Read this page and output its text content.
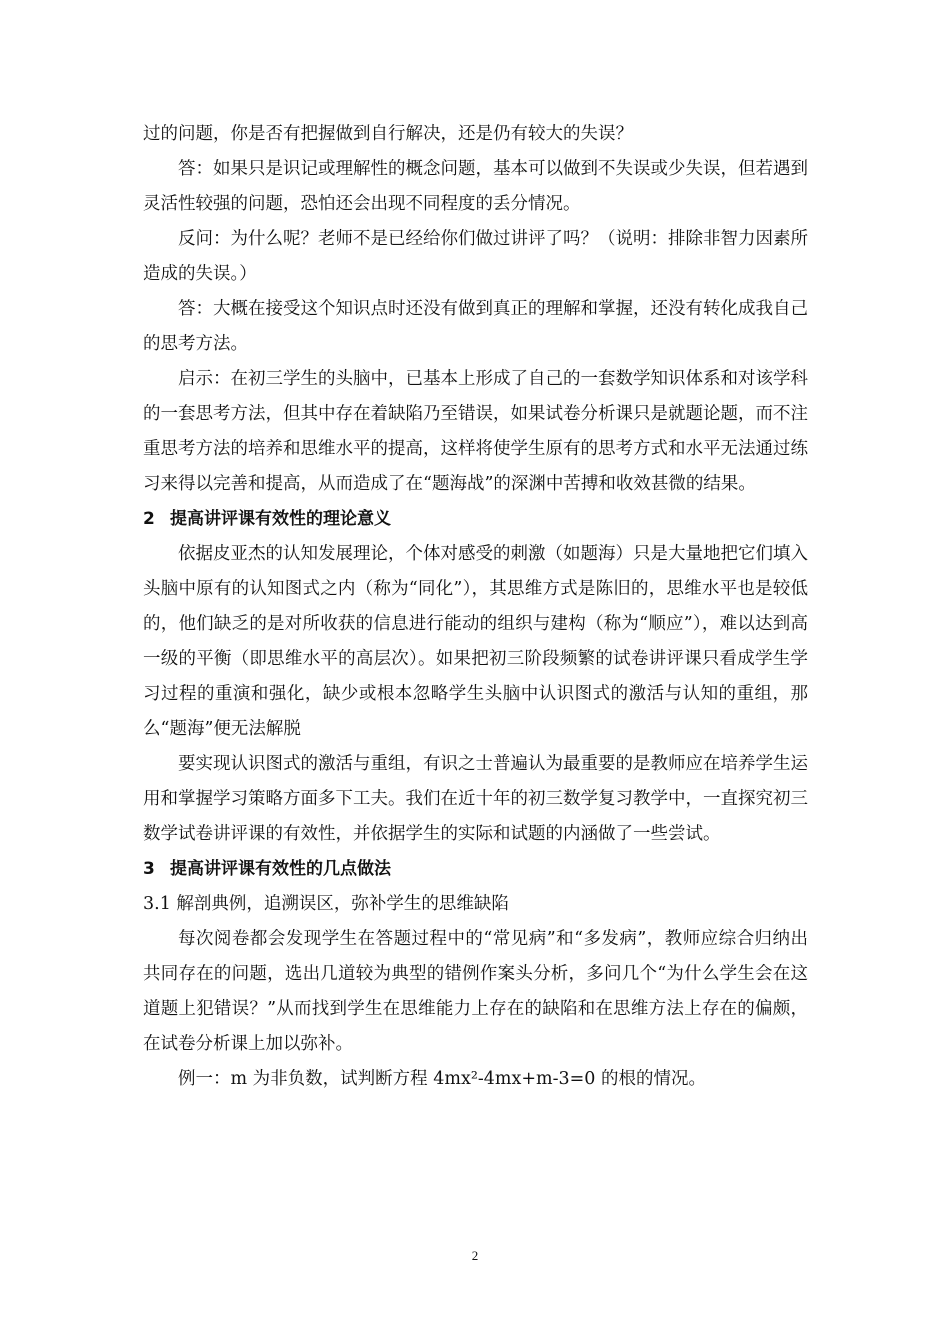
过的问题，你是否有把握做到自行解决，还是仍有较大的失误？

答：如果只是识记或理解性的概念问题，基本可以做到不失误或少失误，但若遇到灵活性较强的问题，恐怕还会出现不同程度的丢分情况。

反问：为什么呢？老师不是已经给你们做过讲评了吗？（说明：排除非智力因素所造成的失误。）

答：大概在接受这个知识点时还没有做到真正的理解和掌握，还没有转化成我自己的思考方法。

启示：在初三学生的头脑中，已基本上形成了自己的一套数学知识体系和对该学科的一套思考方法，但其中存在着缺陷乃至错误，如果试卷分析课只是就题论题，而不注重思考方法的培养和思维水平的提高，这样将使学生原有的思考方式和水平无法通过练习来得以完善和提高，从而造成了在“题海战”的深渊中苦搏和收效甚微的结果。

2 提高讲评课有效性的理论意义

依据皮亚杰的认知发展理论，个体对感受的刺激（如题海）只是大量地把它们填入头脑中原有的认知图式之内（称为“同化”），其思维方式是陈旧的，思维水平也是较低的，他们缺乏的是对所收获的信息进行能动的组织与建构（称为“顺应”），难以达到高一级的平衡（即思维水平的高层次）。如果把初三阶段频繁的试卷讲评课只看成学生学习过程的重演和强化，缺少或根本忽略学生头脑中认识图式的激活与认知的重组，那么“题海”便无法解脱

要实现认识图式的激活与重组，有识之士普遍认为最重要的是教师应在培养学生运用和掌握学习策略方面多下工夫。我们在近十年的初三数学复习教学中，一直探究初三数学试卷讲评课的有效性，并依据学生的实际和试题的内涵做了一些尝试。

3 提高讲评课有效性的几点做法

3.1 解剖典例，追溯误区，弥补学生的思维缺陷

每次阅卷都会发现学生在答题过程中的“常见病”和“多发病”，教师应综合归纳出共同存在的问题，选出几道较为典型的错例作案头分析，多问几个“为什么学生会在这道题上犯错误？”从而找到学生在思维能力上存在的缺陷和在思维方法上存在的偏颇，在试卷分析课上加以弥补。

例一：m 为非负数，试判断方程 4mx²-4mx+m-3=0 的根的情况。

2
